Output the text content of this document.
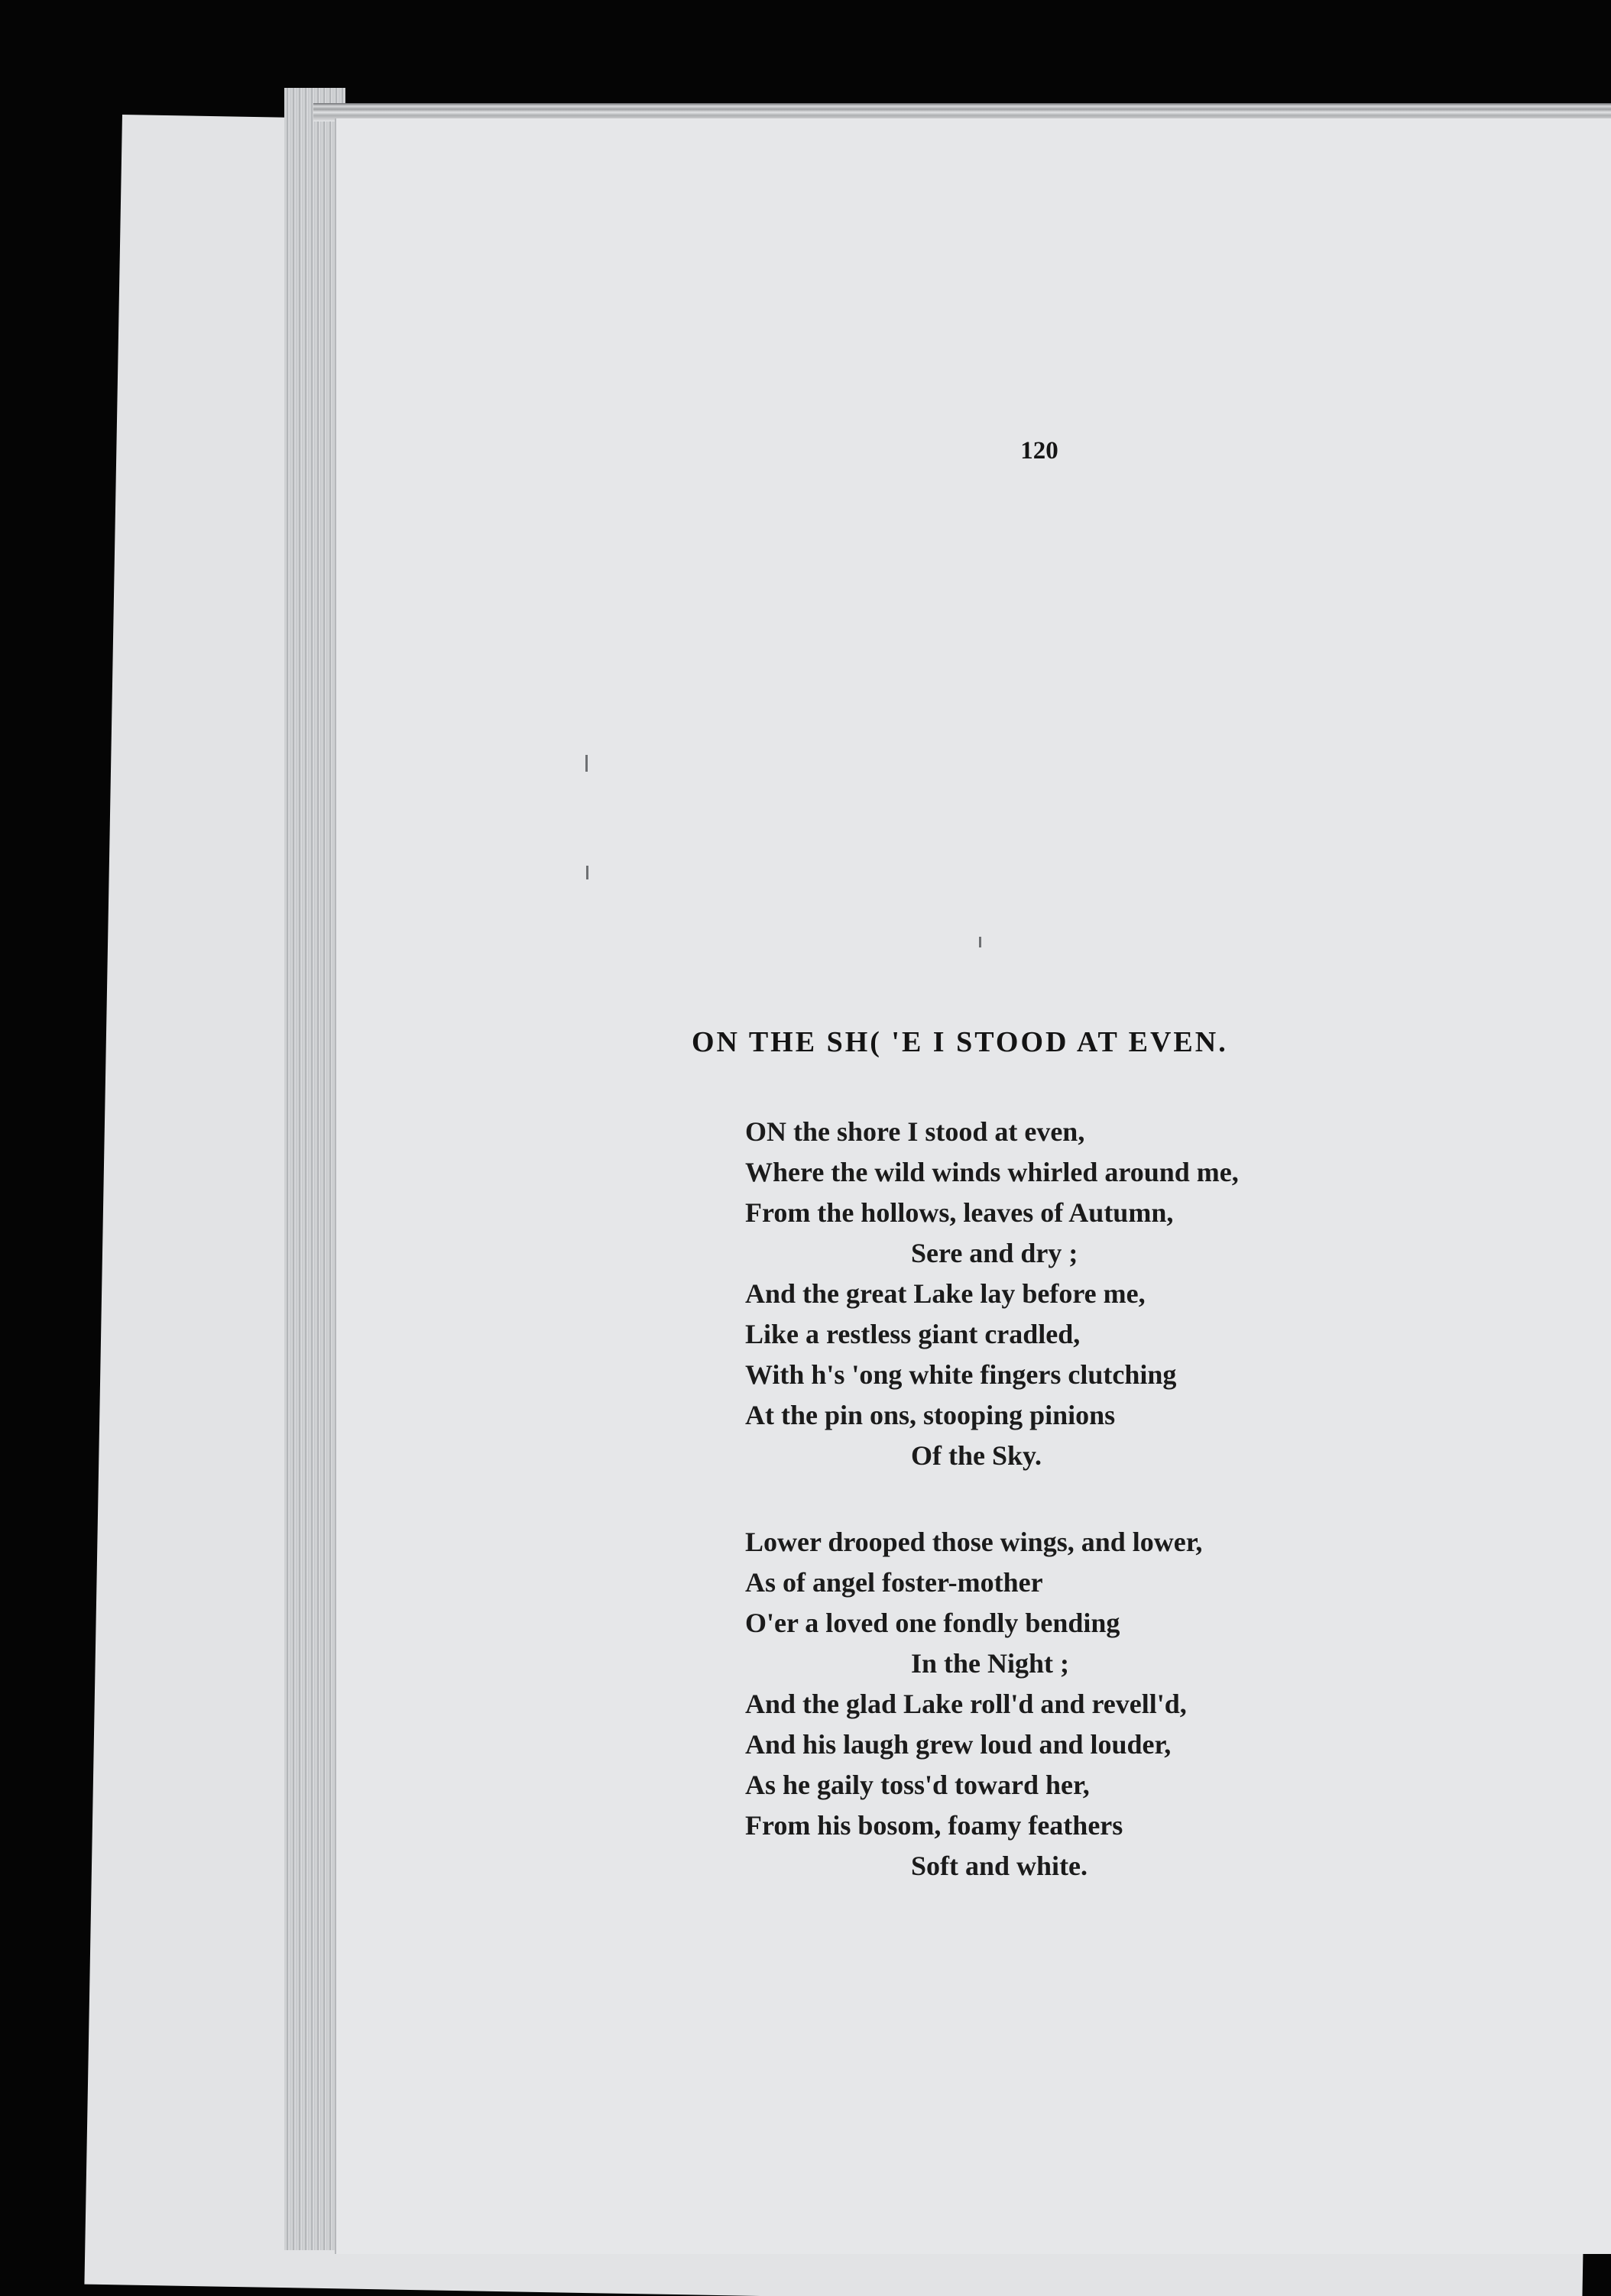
120
ON THE SH( 'E I STOOD AT EVEN.
ON the shore I stood at even,
Where the wild winds whirled around me,
From the hollows, leaves of Autumn,
Sere and dry ;
And the great Lake lay before me,
Like a restless giant cradled,
With h's 'ong white fingers clutching
At the pin ons, stooping pinions
Of the Sky.
Lower drooped those wings, and lower,
As of angel foster-mother
O'er a loved one fondly bending
In the Night ;
And the glad Lake roll'd and revell'd,
And his laugh grew loud and louder,
As he gaily toss'd toward her,
From his bosom, foamy feathers
Soft and white.
